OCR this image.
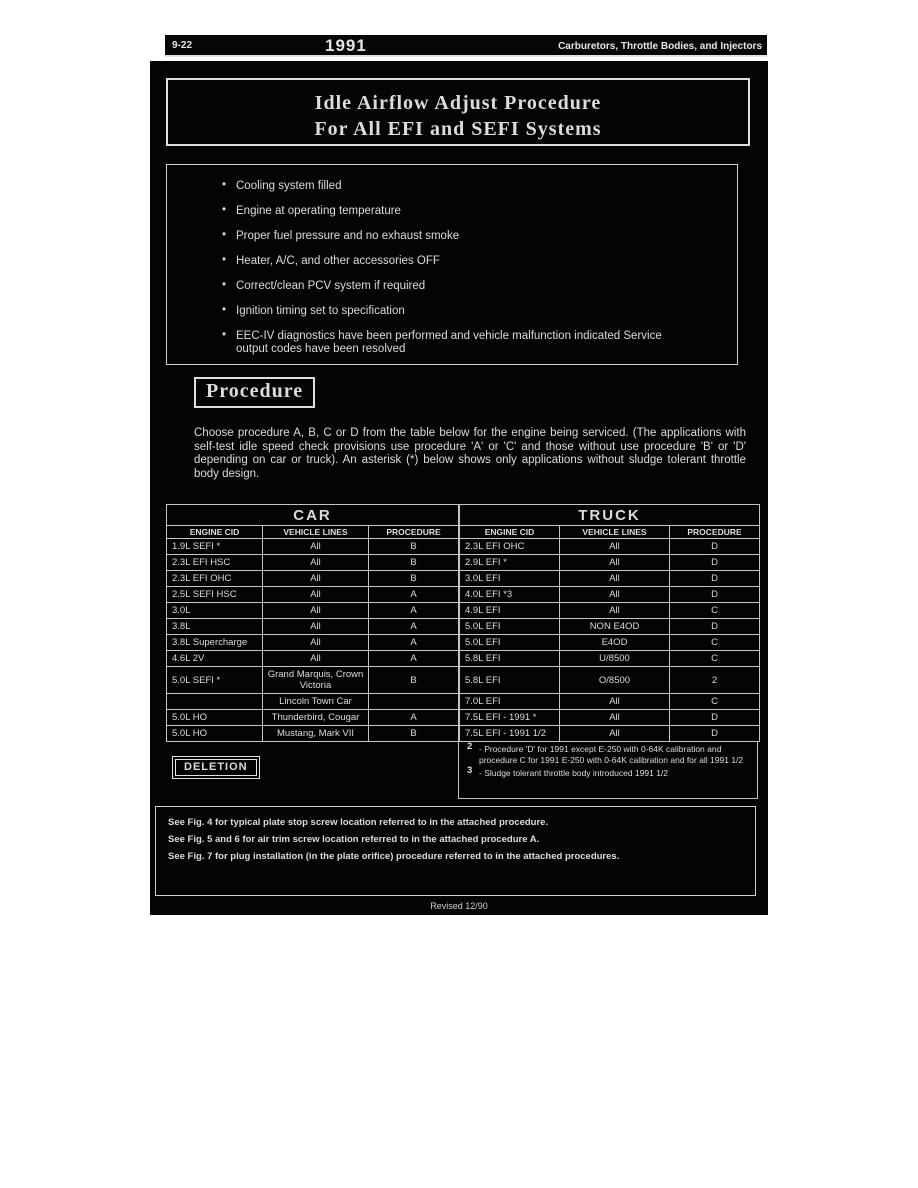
9-22	1991	Carburetors, Throttle Bodies, and Injectors
Idle Airflow Adjust Procedure
For All EFI and SEFI Systems
• Cooling system filled
• Engine at operating temperature
• Proper fuel pressure and no exhaust smoke
• Heater, A/C, and other accessories OFF
• Correct/clean PCV system if required
• Ignition timing set to specification
• EEC-IV diagnostics have been performed and vehicle malfunction indicated Service output codes have been resolved
Procedure
Choose procedure A, B, C or D from the table below for the engine being serviced. (The applications with self-test idle speed check provisions use procedure 'A' or 'C' and those without use procedure 'B' or 'D' depending on car or truck). An asterisk (*) below shows only applications without sludge tolerant throttle body design.
CAR		
ENGINE CID	VEHICLE LINES	PROCEDURE
1.9L SEFI *	All	B
2.3L EFI HSC	All	B
2.3L EFI OHC	All	B
2.5L SEFI HSC	All	A
3.0L	All	A
3.8L	All	A
3.8L Supercharge	All	A
4.6L 2V	All	A
5.0L SEFI *	Grand Marquis, Crown Victoria	B
	Lincoln Town Car	
5.0L HO	Thunderbird, Cougar	A
5.0L HO	Mustang, Mark VII	B
TRUCK		
ENGINE CID	VEHICLE LINES	PROCEDURE
2.3L EFI OHC	All	D
2.9L EFI *	All	D
3.0L EFI	All	D
4.0L EFI *3	All	D
4.9L EFI	All	C
5.0L EFI	NON E4OD	D
5.0L EFI	E4OD	C
5.8L EFI	U/8500	C
5.8L EFI	O/8500	2
7.0L EFI	All	C
7.5L EFI - 1991 *	All	D
7.5L EFI - 1991 1/2	All	D
DELETION
2 - Procedure 'D' for 1991 except E-250 with 0-64K calibration and procedure C for 1991 E-250 with 0-64K calibration and for all 1991 1/2
3 - Sludge tolerant throttle body introduced 1991 1/2
See Fig. 4 for typical plate stop screw location referred to in the attached procedure.
See Fig. 5 and 6 for air trim screw location referred to in the attached procedure A.
See Fig. 7 for plug installation (in the plate orifice) procedure referred to in the attached procedures.
Revised 12/90
